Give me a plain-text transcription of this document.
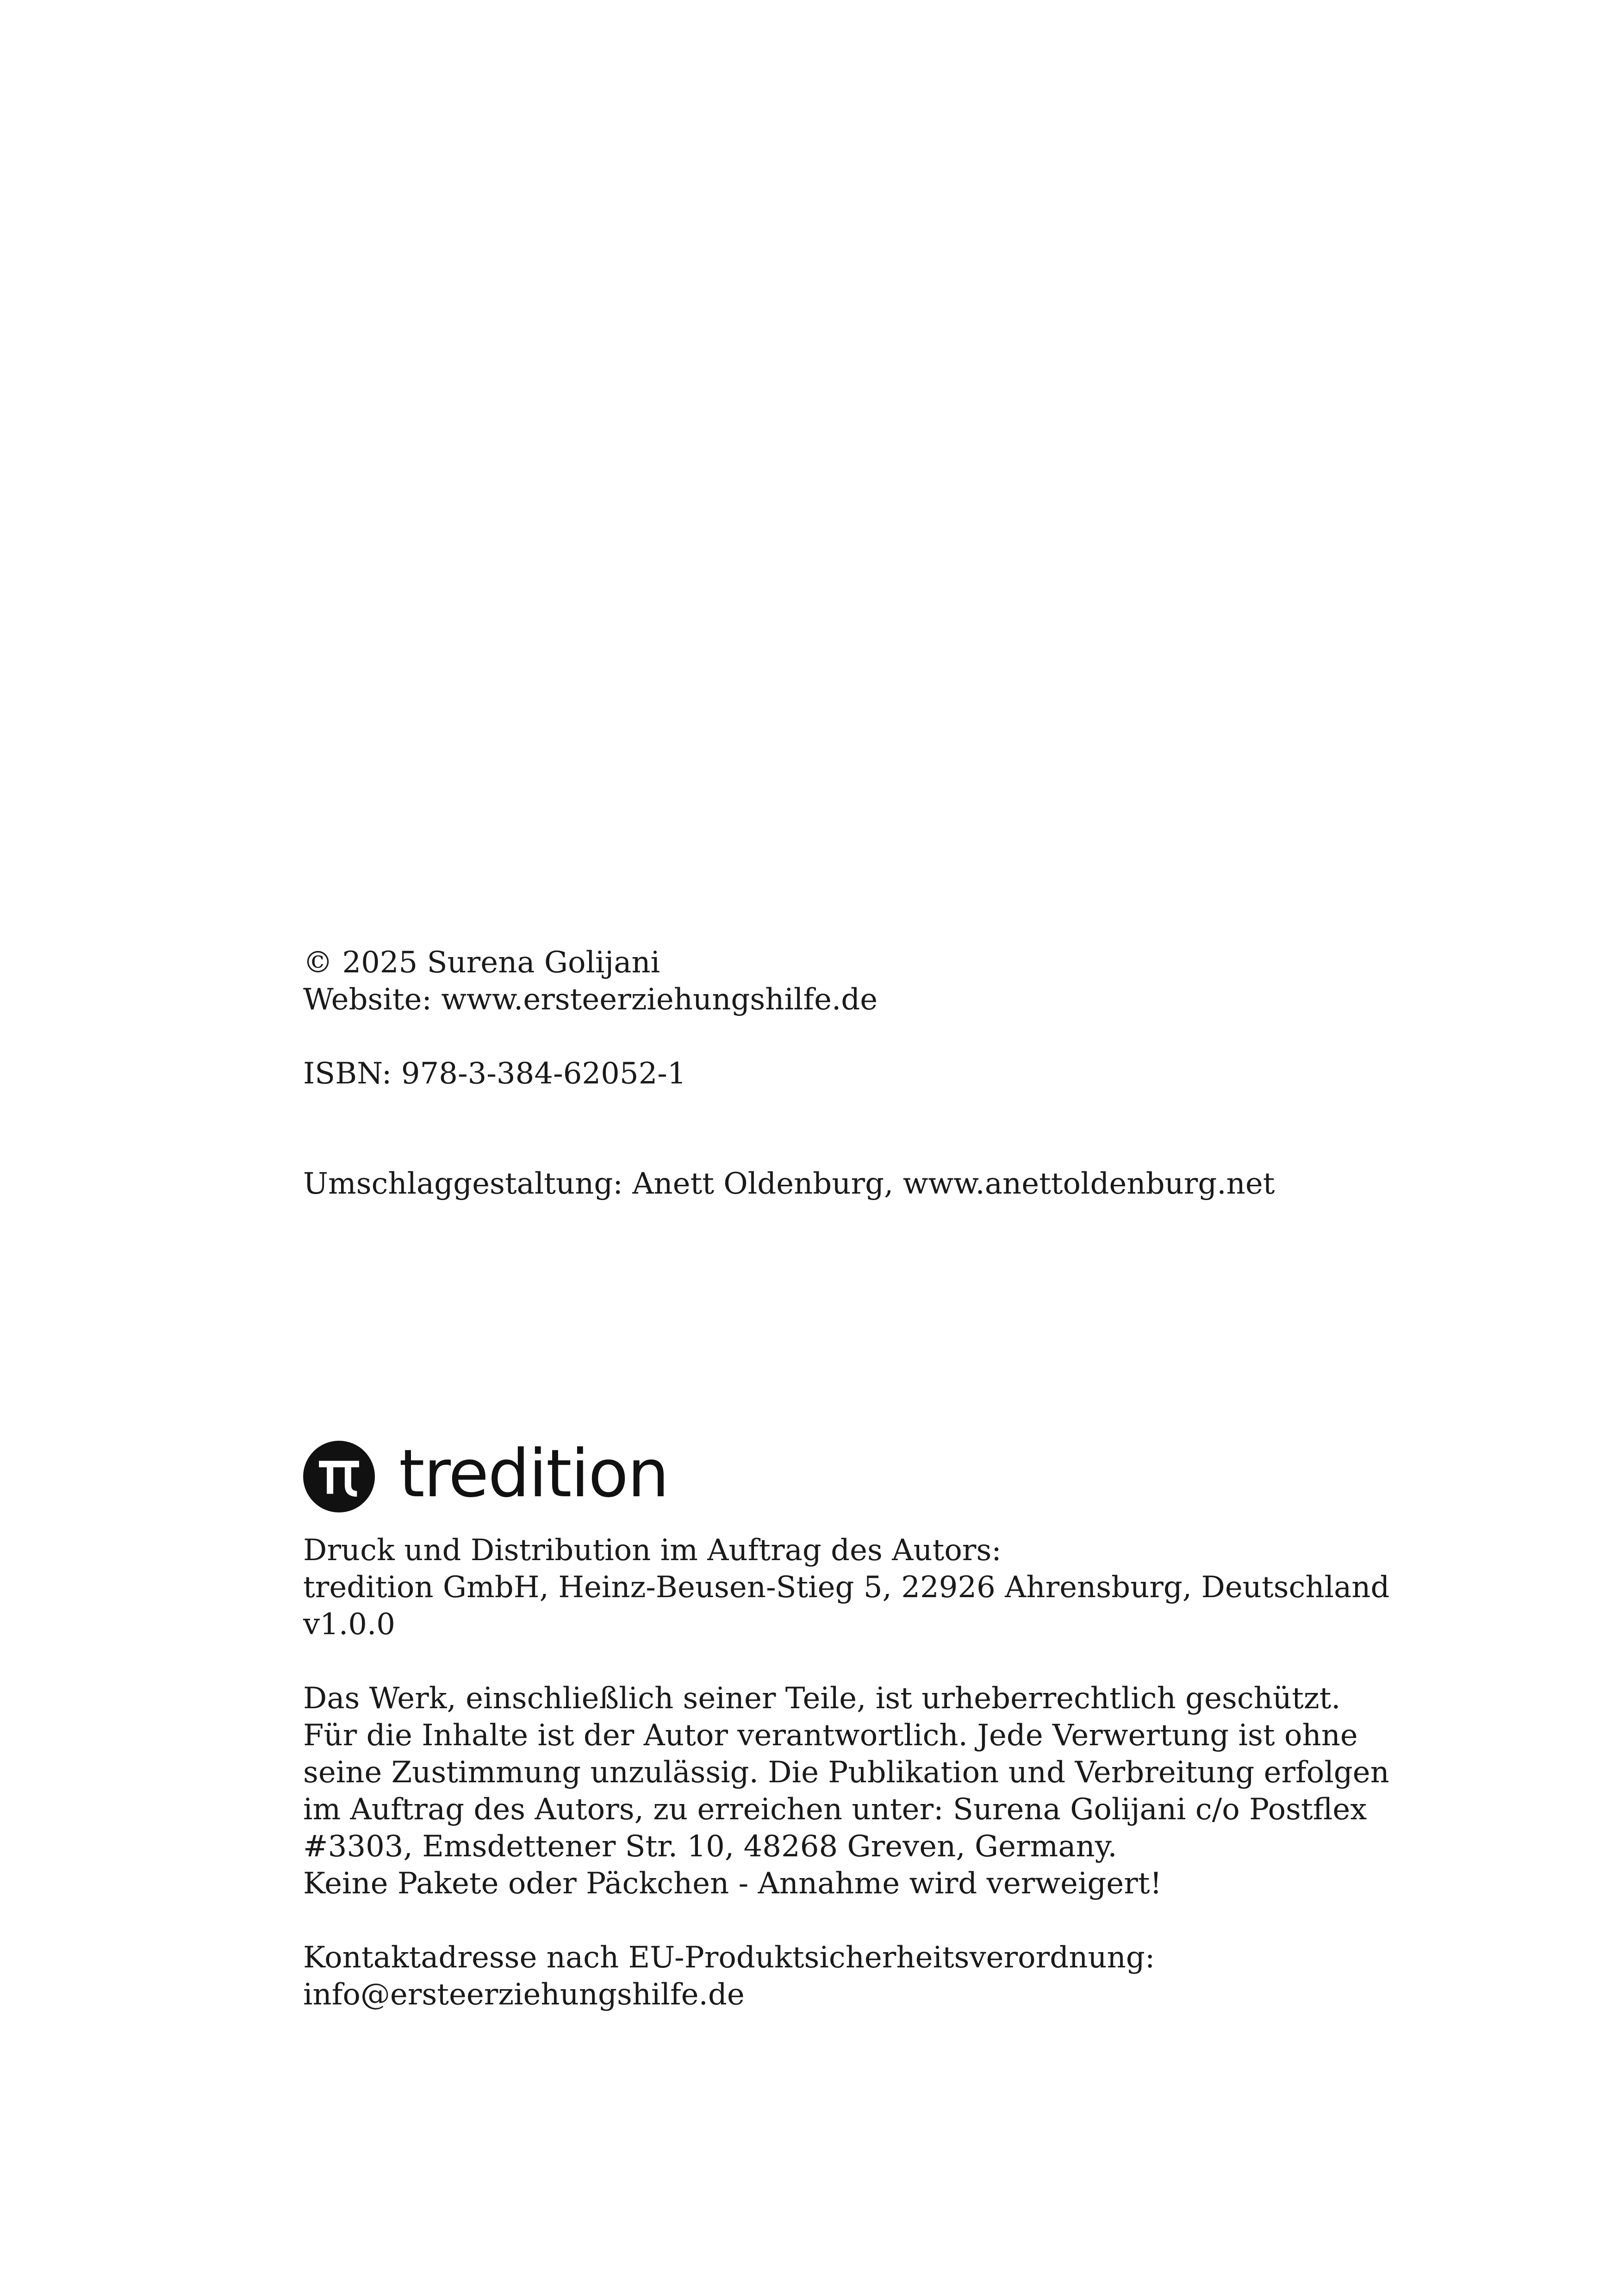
© 2025 Surena Golijani
Website: www.ersteerziehungshilfe.de
ISBN: 978-3-384-62052-1
Umschlaggestaltung: Anett Oldenburg, www.anettoldenburg.net
tredition
Druck und Distribution im Auftrag des Autors:
tredition GmbH, Heinz-Beusen-Stieg 5, 22926 Ahrensburg, Deutschland
v1.0.0
Das Werk, einschließlich seiner Teile, ist urheberrechtlich geschützt.
Für die Inhalte ist der Autor verantwortlich. Jede Verwertung ist ohne
seine Zustimmung unzulässig. Die Publikation und Verbreitung erfolgen
im Auftrag des Autors, zu erreichen unter: Surena Golijani c/o Postflex
#3303, Emsdettener Str. 10, 48268 Greven, Germany.
Keine Pakete oder Päckchen - Annahme wird verweigert!
Kontaktadresse nach EU-Produktsicherheitsverordnung:
info@ersteerziehungshilfe.de
